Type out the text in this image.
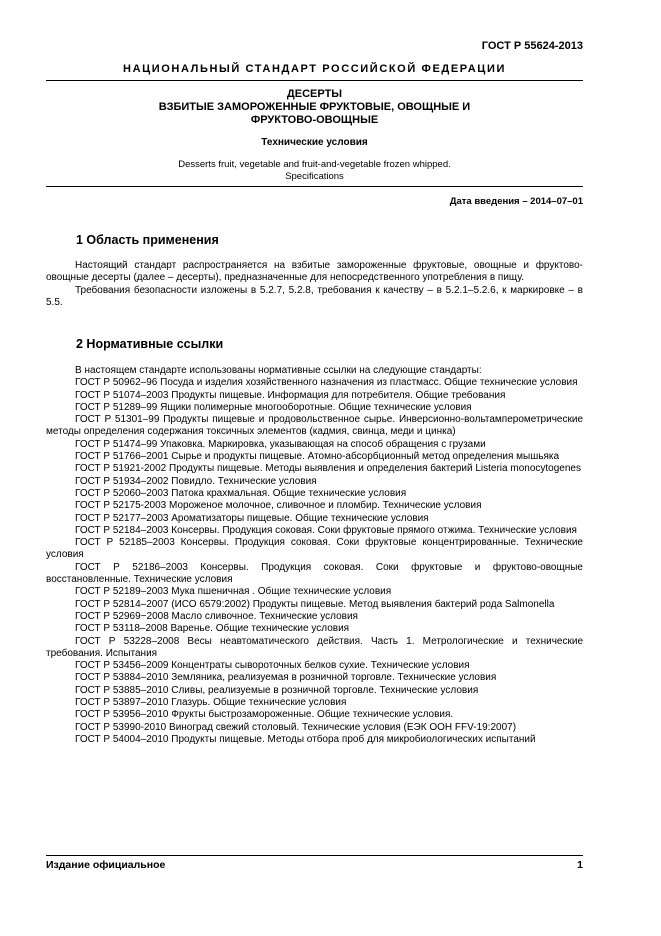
ГОСТ Р 55624-2013
НАЦИОНАЛЬНЫЙ СТАНДАРТ РОССИЙСКОЙ ФЕДЕРАЦИИ
ДЕСЕРТЫ
ВЗБИТЫЕ ЗАМОРОЖЕННЫЕ ФРУКТОВЫЕ, ОВОЩНЫЕ И
ФРУКТОВО-ОВОЩНЫЕ
Технические условия
Desserts fruit, vegetable and fruit-and-vegetable frozen whipped.
Specifications
Дата введения – 2014–07–01
1 Область применения

Настоящий стандарт распространяется на взбитые замороженные фруктовые, овощные и фруктово-овощные десерты (далее – десерты), предназначенные для непосредственного употребления в пищу.

Требования безопасности изложены в 5.2.7, 5.2.8, требования к качеству – в 5.2.1–5.2.6, к маркировке – в 5.5.

2 Нормативные ссылки

В настоящем стандарте использованы нормативные ссылки на следующие стандарты:

ГОСТ Р 50962–96 Посуда и изделия хозяйственного назначения из пластмасс. Общие технические условия

ГОСТ Р 51074–2003 Продукты пищевые. Информация для потребителя. Общие требования

ГОСТ Р 51289–99 Ящики полимерные многооборотные. Общие технические условия

ГОСТ Р 51301–99 Продукты пищевые и продовольственное сырье. Инверсионно-вольтамперометрические методы определения содержания токсичных элементов (кадмия, свинца, меди и цинка)

ГОСТ Р 51474–99 Упаковка. Маркировка, указывающая на способ обращения с грузами

ГОСТ Р 51766–2001 Сырье и продукты пищевые. Атомно-абсорбционный метод определения мышьяка

ГОСТ Р 51921-2002 Продукты пищевые. Методы выявления и определения бактерий Listeria monocytogenes

ГОСТ Р 51934–2002 Повидло. Технические условия

ГОСТ Р 52060–2003 Патока крахмальная. Общие технические условия

ГОСТ Р 52175-2003 Мороженое молочное, сливочное и пломбир. Технические условия

ГОСТ Р 52177–2003 Ароматизаторы пищевые. Общие технические условия

ГОСТ Р 52184–2003 Консервы. Продукция соковая. Соки фруктовые прямого отжима. Технические условия

ГОСТ Р 52185–2003 Консервы. Продукция соковая. Соки фруктовые концентрированные. Технические условия

ГОСТ Р 52186–2003 Консервы. Продукция соковая. Соки фруктовые и фруктово-овощные восстановленные. Технические условия

ГОСТ Р 52189–2003 Мука пшеничная . Общие технические условия

ГОСТ Р 52814–2007 (ИСО 6579:2002) Продукты пищевые. Метод выявления бактерий рода Salmonella

ГОСТ Р 52969−2008 Масло сливочное. Технические условия

ГОСТ Р 53118–2008 Варенье. Общие технические условия

ГОСТ Р 53228–2008 Весы неавтоматического действия. Часть 1. Метрологические и технические требования. Испытания

ГОСТ Р 53456–2009 Концентраты сывороточных белков сухие. Технические условия

ГОСТ Р 53884–2010 Земляника, реализуемая в розничной торговле. Технические условия

ГОСТ Р 53885–2010 Сливы, реализуемые в розничной торговле. Технические условия

ГОСТ Р 53897–2010 Глазурь. Общие технические условия

ГОСТ Р 53956–2010 Фрукты быстрозамороженные. Общие технические условия.

ГОСТ Р 53990-2010 Виноград свежий столовый. Технические условия (ЕЭК ООН FFV-19:2007)

ГОСТ Р 54004–2010 Продукты пищевые. Методы отбора проб для микробиологических испытаний

Издание официальное	1
